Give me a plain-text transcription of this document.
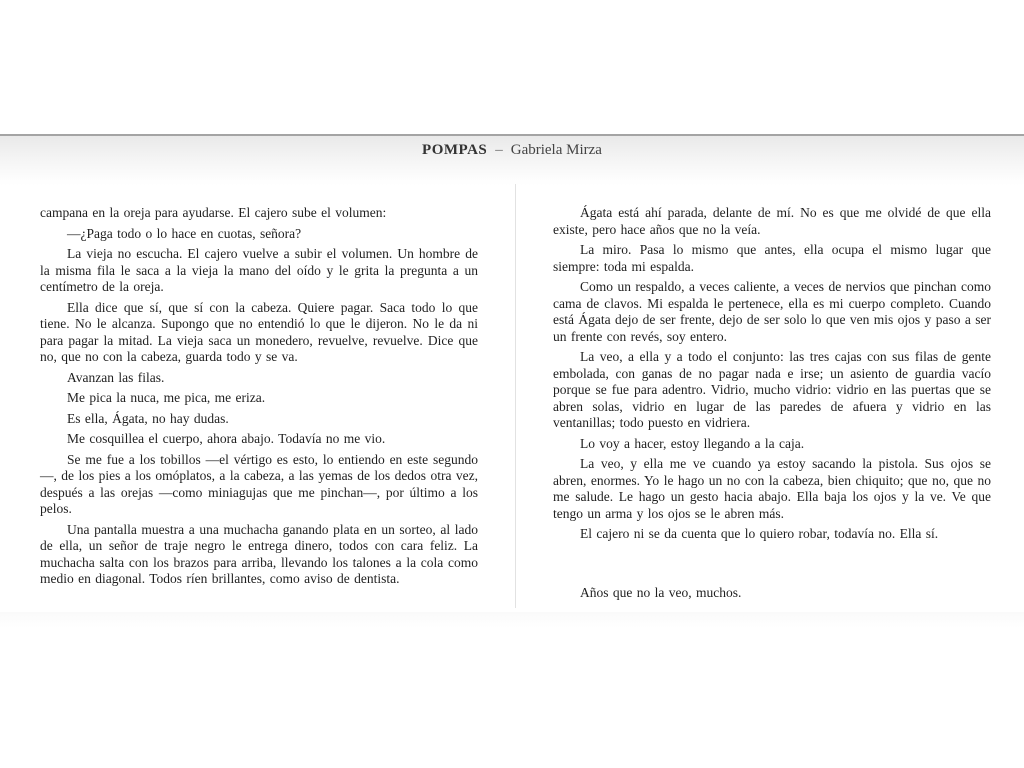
POMPAS – Gabriela Mirza

campana en la oreja para ayudarse. El cajero sube el volumen:

—¿Paga todo o lo hace en cuotas, señora?

La vieja no escucha. El cajero vuelve a subir el volumen. Un hombre de la misma fila le saca a la vieja la mano del oído y le grita la pregunta a un centímetro de la oreja.

Ella dice que sí, que sí con la cabeza. Quiere pagar. Saca todo lo que tiene. No le alcanza. Supongo que no entendió lo que le dijeron. No le da ni para pagar la mitad. La vieja saca un monedero, revuelve, revuelve. Dice que no, que no con la cabeza, guarda todo y se va.

Avanzan las filas.

Me pica la nuca, me pica, me eriza.

Es ella, Ágata, no hay dudas.

Me cosquillea el cuerpo, ahora abajo. Todavía no me vio.

Se me fue a los tobillos —el vértigo es esto, lo entiendo en este segundo—, de los pies a los omóplatos, a la cabeza, a las yemas de los dedos otra vez, después a las orejas —como miniagujas que me pinchan—, por último a los pelos.

Una pantalla muestra a una muchacha ganando plata en un sorteo, al lado de ella, un señor de traje negro le entrega dinero, todos con cara feliz. La muchacha salta con los brazos para arriba, llevando los talones a la cola como medio en diagonal. Todos ríen brillantes, como aviso de dentista.

Ágata está ahí parada, delante de mí. No es que me olvidé de que ella existe, pero hace años que no la veía.

La miro. Pasa lo mismo que antes, ella ocupa el mismo lugar que siempre: toda mi espalda.

Como un respaldo, a veces caliente, a veces de nervios que pinchan como cama de clavos. Mi espalda le pertenece, ella es mi cuerpo completo. Cuando está Ágata dejo de ser frente, dejo de ser solo lo que ven mis ojos y paso a ser un frente con revés, soy entero.

La veo, a ella y a todo el conjunto: las tres cajas con sus filas de gente embolada, con ganas de no pagar nada e irse; un asiento de guardia vacío porque se fue para adentro. Vidrio, mucho vidrio: vidrio en las puertas que se abren solas, vidrio en lugar de las paredes de afuera y vidrio en las ventanillas; todo puesto en vidriera.

Lo voy a hacer, estoy llegando a la caja.

La veo, y ella me ve cuando ya estoy sacando la pistola. Sus ojos se abren, enormes. Yo le hago un no con la cabeza, bien chiquito; que no, que no me salude. Le hago un gesto hacia abajo. Ella baja los ojos y la ve. Ve que tengo un arma y los ojos se le abren más.

El cajero ni se da cuenta que lo quiero robar, todavía no. Ella sí.

Años que no la veo, muchos.
